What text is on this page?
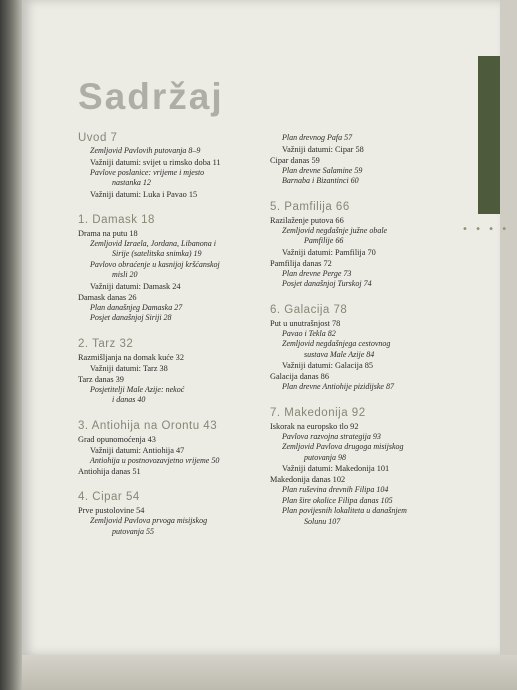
• • • •
Sadržaj
Uvod 7
Zemljovid Pavlovih putovanja 8–9
Važniji datumi: svijet u rimsko doba 11
Pavlove poslanice: vrijeme i mjesto
nastanka 12
Važniji datumi: Luka i Pavao 15
1. Damask 18
Drama na putu 18
Zemljovid Izraela, Jordana, Libanona i
Sirije (satelitska snimka) 19
Pavlovo obraćenje u kasnijoj kršćanskoj
misli 20
Važniji datumi: Damask 24
Damask danas 26
Plan današnjeg Damaska 27
Posjet današnjoj Siriji 28
2. Tarz 32
Razmišljanja na domak kuće 32
Važniji datumi: Tarz 38
Tarz danas 39
Posjetitelji Male Azije: nekoć
i danas 40
3. Antiohija na Orontu 43
Grad opunomoćenja 43
Važniji datumi: Antiohija 47
Antiohija u postnovozavjetno vrijeme 50
Antiohija danas 51
4. Cipar 54
Prve pustolovine 54
Zemljovid Pavlova prvoga misijskog
putovanja 55
Plan drevnog Pafa 57
Važniji datumi: Cipar 58
Cipar danas 59
Plan drevne Salamine 59
Barnaba i Bizantinci 60
5. Pamfilija 66
Razilaženje putova 66
Zemljovid negdašnje južne obale
Pamfilije 66
Važniji datumi: Pamfilija 70
Pamfilija danas 72
Plan drevne Perge 73
Posjet današnjoj Turskoj 74
6. Galacija 78
Put u unutrašnjost 78
Pavao i Tekla 82
Zemljovid negdašnjega cestovnog
sustava Male Azije 84
Važniji datumi: Galacija 85
Galacija danas 86
Plan drevne Antiohije pizidijske 87
7. Makedonija 92
Iskorak na europsko tlo 92
Pavlova razvojna strategija 93
Zemljovid Pavlova drugoga misijskog
putovanja 98
Važniji datumi: Makedonija 101
Makedonija danas 102
Plan ruševina drevnih Filipa 104
Plan šire okolice Filipa danas 105
Plan povijesnih lokaliteta u današnjem
Solunu 107
